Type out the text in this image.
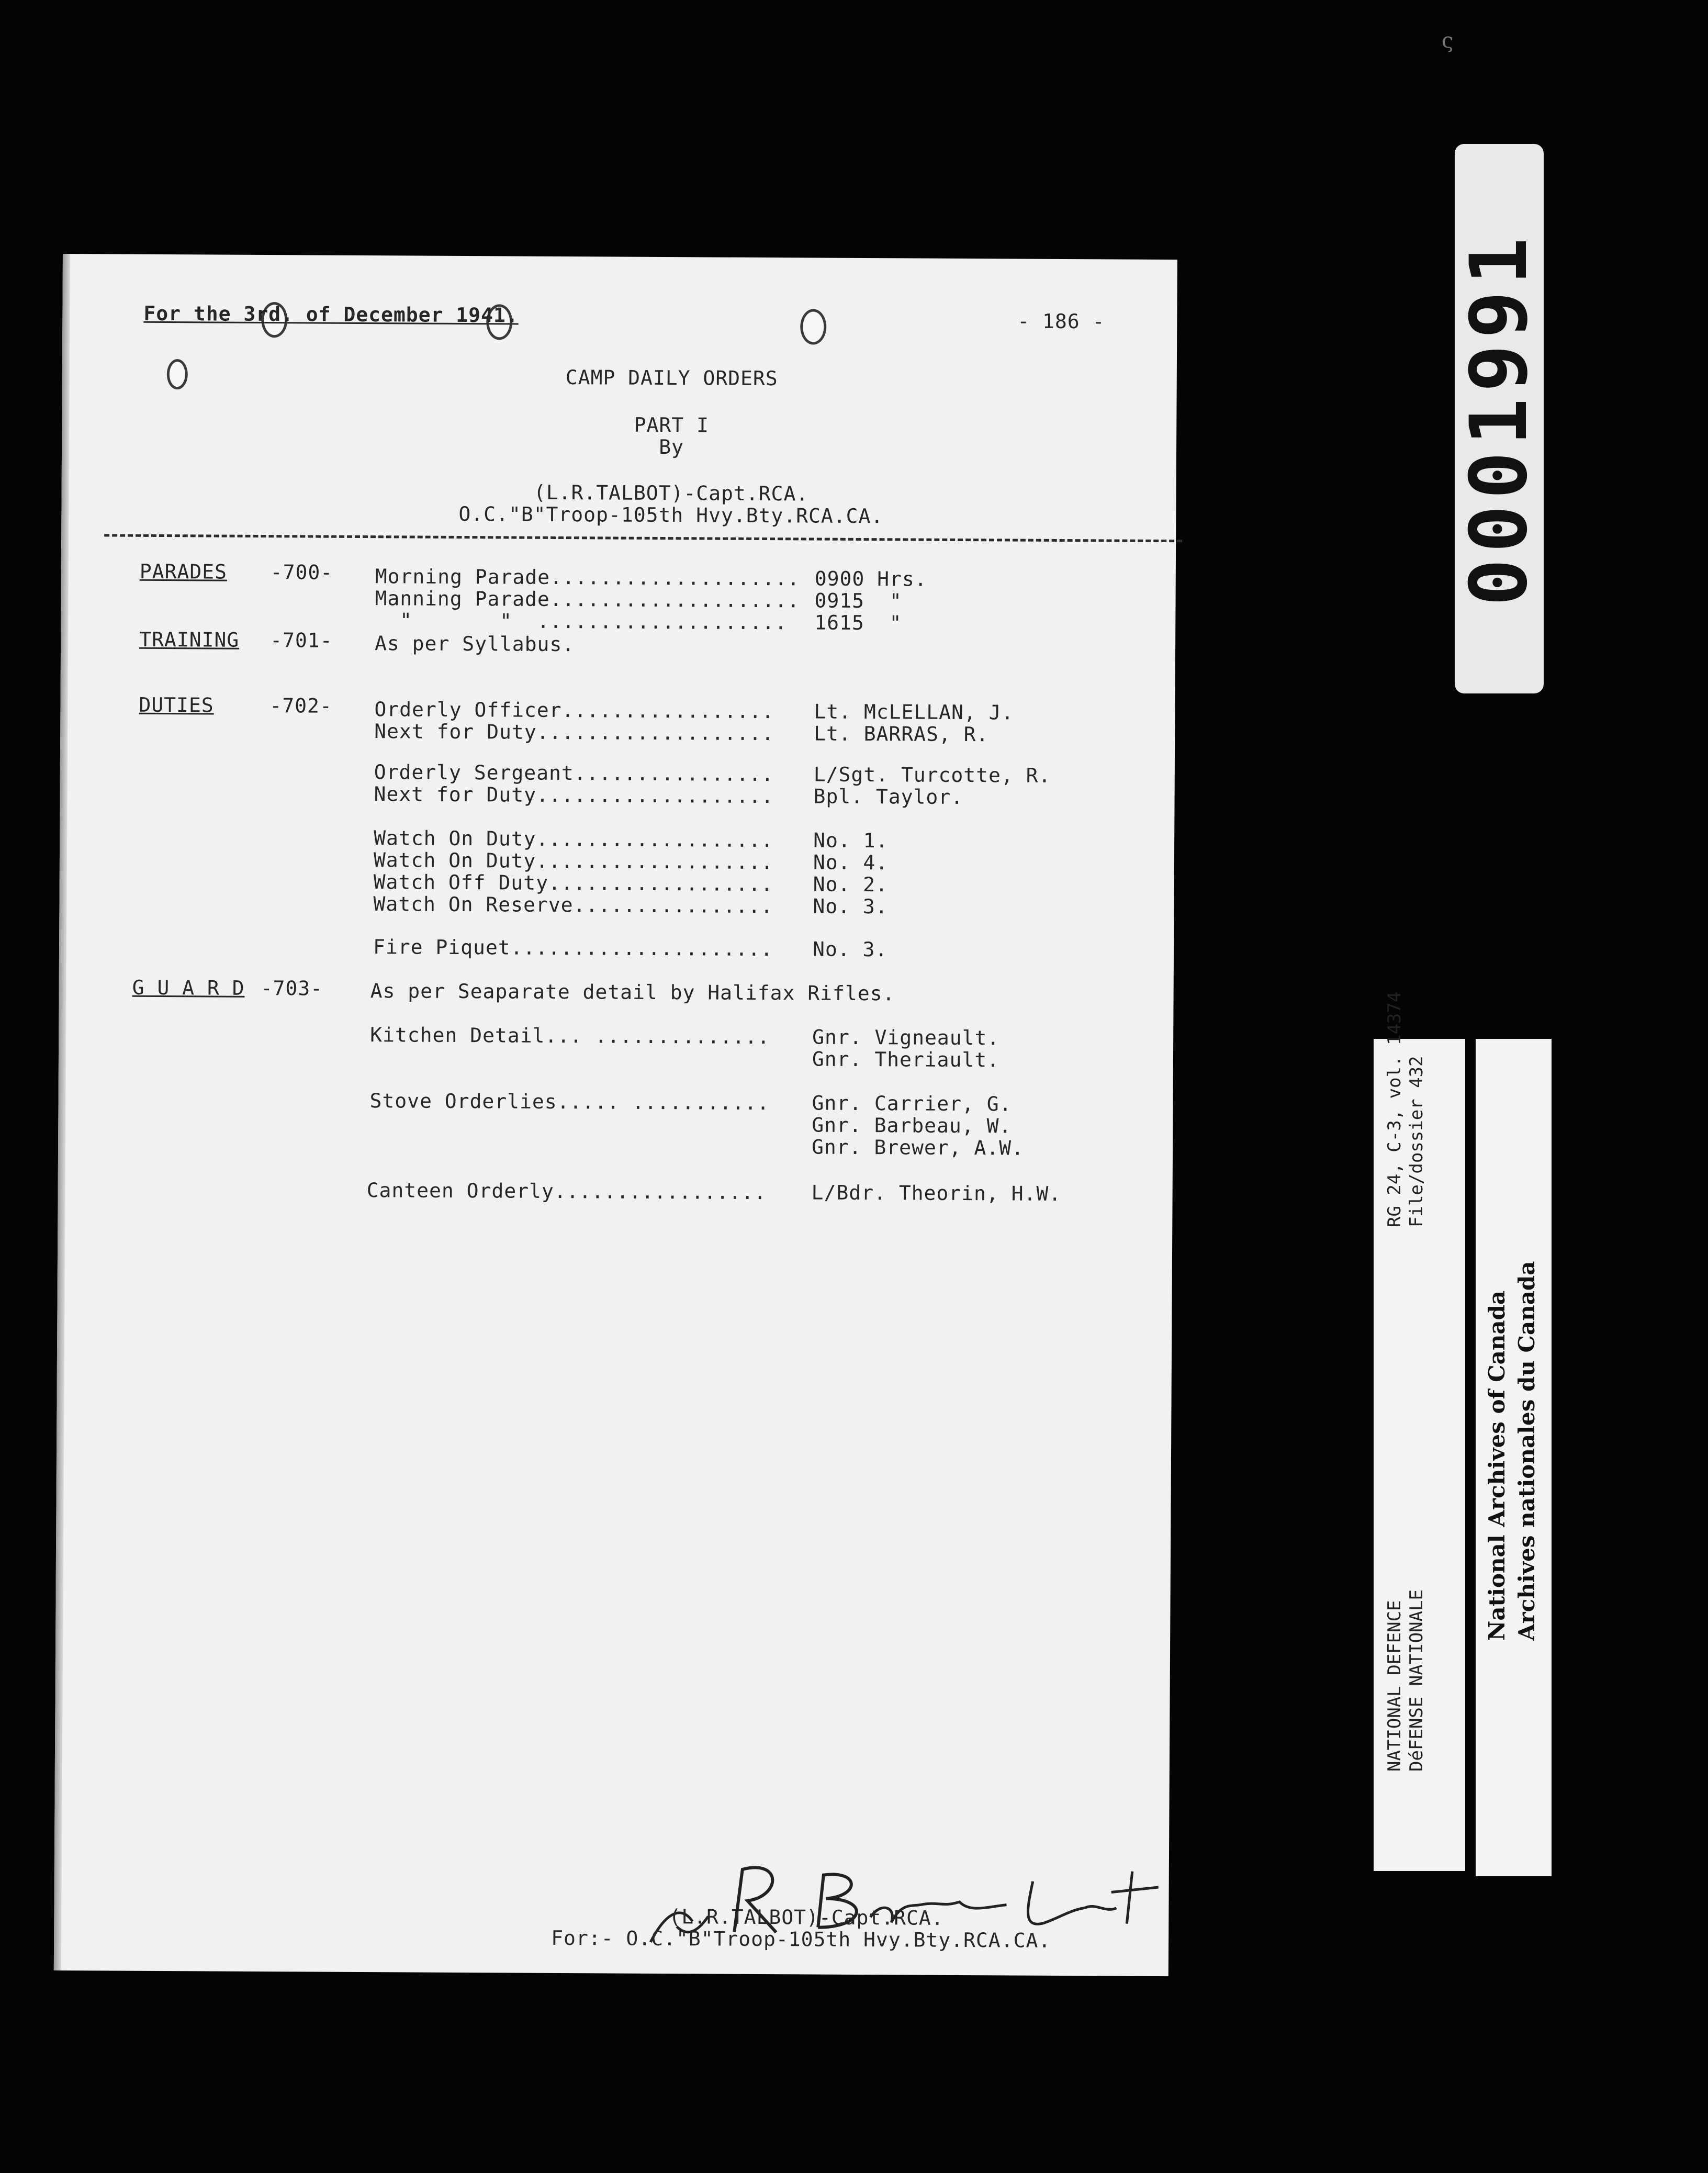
ς
For the 3rd. of December 1941.	- 186 -
CAMP DAILY ORDERS
PART I
By
(L.R.TALBOT)-Capt.RCA.
O.C."B"Troop-105th Hvy.Bty.RCA.CA.
PARADES -700- Morning Parade.................... 0900 Hrs.
Manning Parade.................... 0915  "
"       "  .................... 1615  "
TRAINING -701- As per Syllabus.
DUTIES	-702- Orderly Officer................. Lt. McLELLAN, J.
Next for Duty................... Lt. BARRAS, R.
Orderly Sergeant................ L/Sgt. Turcotte, R.
Next for Duty................... Bpl. Taylor.
Watch On Duty................... No. 1.
Watch On Duty................... No. 4.
Watch Off Duty.................. No. 2.
Watch On Reserve................ No. 3.
Fire Piquet..................... No. 3.
G U A R D -703- As per Seaparate detail by Halifax Rifles.
Kitchen Detail... .............. Gnr. Vigneault.
Gnr. Theriault.
Stove Orderlies..... ........... Gnr. Carrier, G.
Gnr. Barbeau, W.
Gnr. Brewer, A.W.
Canteen Orderly................. L/Bdr. Theorin, H.W.
(L.R.TALBOT)-Capt.RCA.
For:- O.C."B"Troop-105th Hvy.Bty.RCA.CA.
0001991
RG 24, C-3, vol. 14374 File/dossier 432
NATIONAL DEFENCE DéFENSE NATIONALE
National Archives of Canada Archives nationales du Canada
